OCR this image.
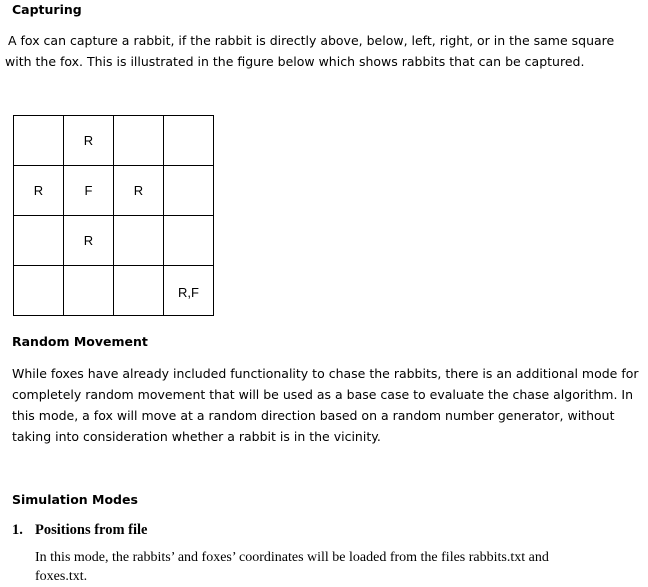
Capturing
A fox can capture a rabbit, if the rabbit is directly above, below, left, right, or in the same square
with the fox. This is illustrated in the figure below which shows rabbits that can be captured.
	R		
R	F	R	
	R		
			R,F
Random Movement
While foxes have already included functionality to chase the rabbits, there is an additional mode for
completely random movement that will be used as a base case to evaluate the chase algorithm. In
this mode, a fox will move at a random direction based on a random number generator, without
taking into consideration whether a rabbit is in the vicinity.
Simulation Modes
1. Positions from file
In this mode, the rabbits’ and foxes’ coordinates will be loaded from the files rabbits.txt and
foxes.txt.
